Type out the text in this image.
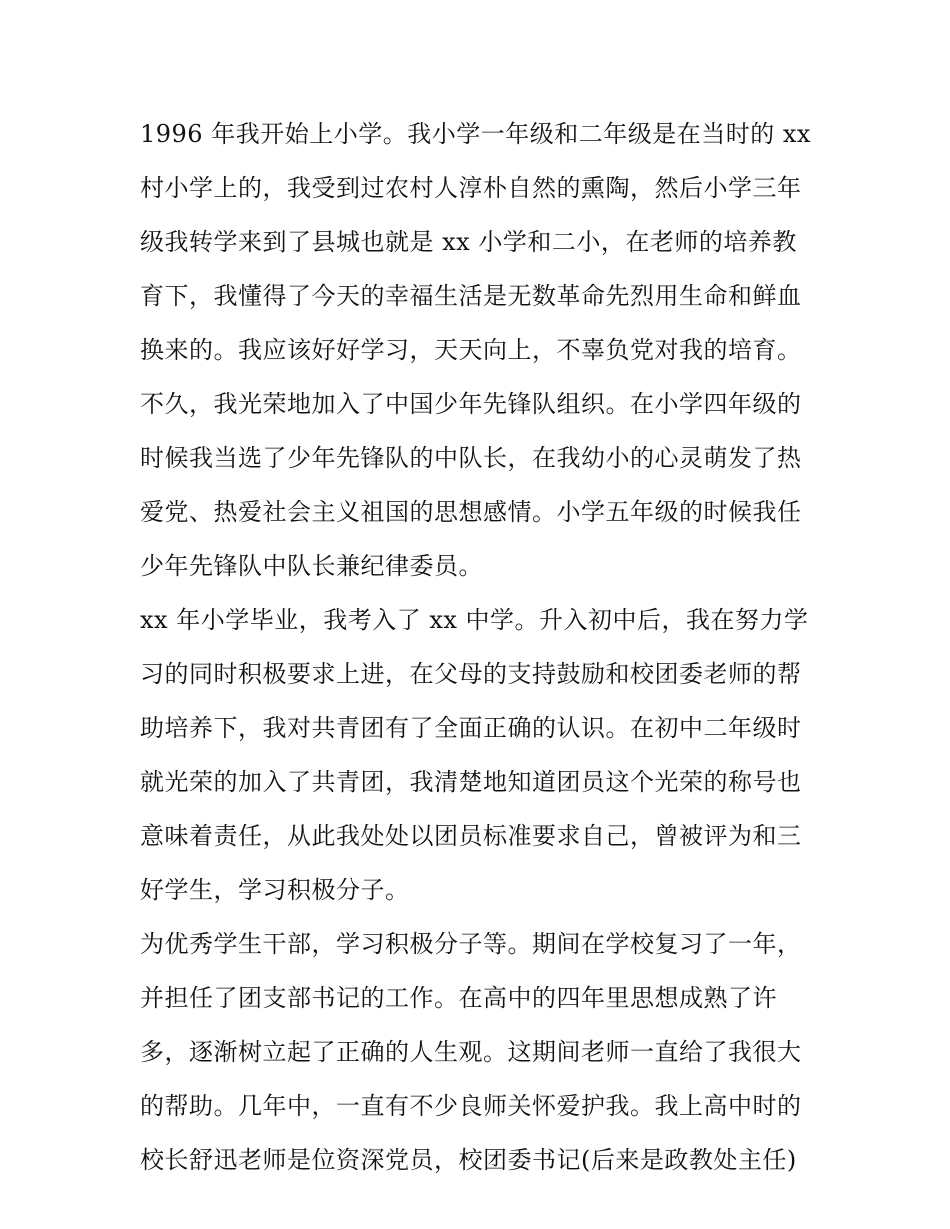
1996 年我开始上小学。我小学一年级和二年级是在当时的 xx
村小学上的，我受到过农村人淳朴自然的熏陶，然后小学三年
级我转学来到了县城也就是 xx 小学和二小，在老师的培养教
育下，我懂得了今天的幸福生活是无数革命先烈用生命和鲜血
换来的。我应该好好学习，天天向上，不辜负党对我的培育。
不久，我光荣地加入了中国少年先锋队组织。在小学四年级的
时候我当选了少年先锋队的中队长，在我幼小的心灵萌发了热
爱党、热爱社会主义祖国的思想感情。小学五年级的时候我任
少年先锋队中队长兼纪律委员。
xx 年小学毕业，我考入了 xx 中学。升入初中后，我在努力学
习的同时积极要求上进，在父母的支持鼓励和校团委老师的帮
助培养下，我对共青团有了全面正确的认识。在初中二年级时
就光荣的加入了共青团，我清楚地知道团员这个光荣的称号也
意味着责任，从此我处处以团员标准要求自己，曾被评为和三
好学生，学习积极分子。
为优秀学生干部，学习积极分子等。期间在学校复习了一年，
并担任了团支部书记的工作。在高中的四年里思想成熟了许
多，逐渐树立起了正确的人生观。这期间老师一直给了我很大
的帮助。几年中，一直有不少良师关怀爱护我。我上高中时的
校长舒迅老师是位资深党员，校团委书记(后来是政教处主任)
